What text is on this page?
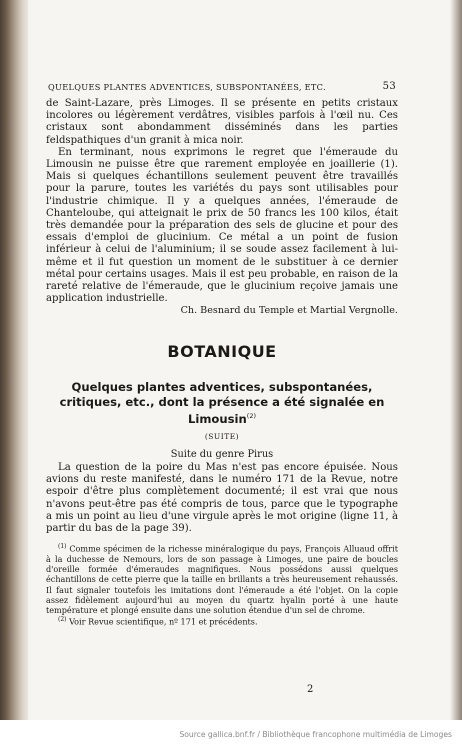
QUELQUES PLANTES ADVENTICES, SUBSPONTANÉES, ETC.	53

de Saint-Lazare, près Limoges. Il se présente en petits cristaux incolores ou légèrement verdâtres, visibles parfois à l'œil nu. Ces cristaux sont abondamment disséminés dans les parties feldspathiques d'un granit à mica noir.

En terminant, nous exprimons le regret que l'émeraude du Limousin ne puisse être que rarement employée en joaillerie (1). Mais si quelques échantillons seulement peuvent être travaillés pour la parure, toutes les variétés du pays sont utilisables pour l'industrie chimique. Il y a quelques années, l'émeraude de Chanteloube, qui atteignait le prix de 50 francs les 100 kilos, était très demandée pour la préparation des sels de glucine et pour des essais d'emploi de glucinium. Ce métal a un point de fusion inférieur à celui de l'aluminium; il se soude assez facilement à lui-même et il fut question un moment de le substituer à ce dernier métal pour certains usages. Mais il est peu probable, en raison de la rareté relative de l'émeraude, que le glucinium reçoive jamais une application industrielle.

Ch. Besnard du Temple et Martial Vergnolle.

BOTANIQUE
Quelques plantes adventices, subspontanées, critiques, etc., dont la présence a été signalée en Limousin$^{(2)}$
(SUITE)
Suite du genre Pirus

La question de la poire du Mas n'est pas encore épuisée. Nous avions du reste manifesté, dans le numéro 171 de la Revue, notre espoir d'être plus complètement documenté; il est vrai que nous n'avons peut-être pas été compris de tous, parce que le typographe a mis un point au lieu d'une virgule après le mot origine (ligne 11, à partir du bas de la page 39).

$^{(1)}$ Comme spécimen de la richesse minéralogique du pays, François Alluaud offrit à la duchesse de Nemours, lors de son passage à Limoges, une paire de boucles d'oreille formée d'émeraudes magnifiques. Nous possédons aussi quelques échantillons de cette pierre que la taille en brillants a très heureusement rehaussés. Il faut signaler toutefois les imitations dont l'émeraude a été l'objet. On la copie assez fidèlement aujourd'hui au moyen du quartz hyalin porté à une haute température et plongé ensuite dans une solution étendue d'un sel de chrome.

$^{(2)}$ Voir Revue scientifique, nº 171 et précédents.

2
Source gallica.bnf.fr / Bibliothèque francophone multimédia de Limoges
